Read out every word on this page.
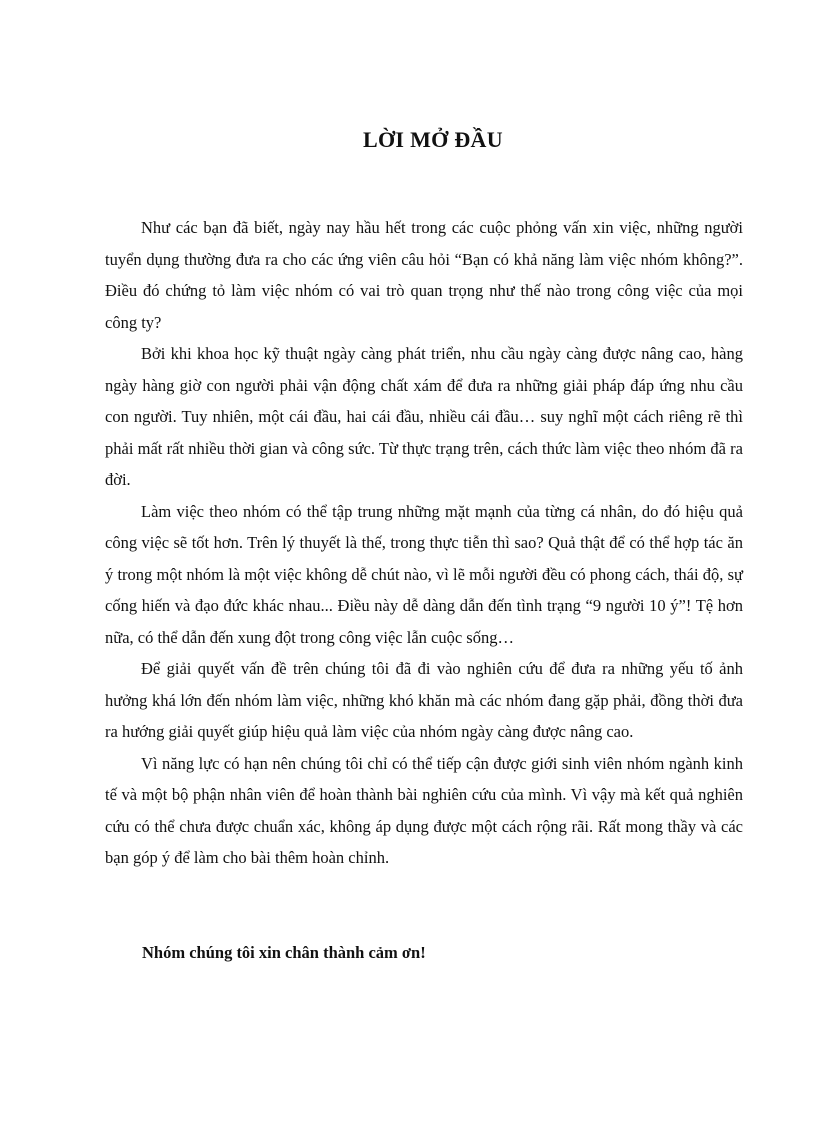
LỜI MỞ ĐẦU

Như các bạn đã biết, ngày nay hầu hết trong các cuộc phỏng vấn xin việc, những người tuyển dụng thường đưa ra cho các ứng viên câu hỏi “Bạn có khả năng làm việc nhóm không?”. Điều đó chứng tỏ làm việc nhóm có vai trò quan trọng như thế nào trong công việc của mọi công ty?

Bởi khi khoa học kỹ thuật ngày càng phát triển, nhu cầu ngày càng được nâng cao, hàng ngày hàng giờ con người phải vận động chất xám để đưa ra những giải pháp đáp ứng nhu cầu con người. Tuy nhiên, một cái đầu, hai cái đầu, nhiều cái đầu… suy nghĩ một cách riêng rẽ thì phải mất rất nhiều thời gian và công sức. Từ thực trạng trên, cách thức làm việc theo nhóm đã ra đời.

Làm việc theo nhóm có thể tập trung những mặt mạnh của từng cá nhân, do đó hiệu quả công việc sẽ tốt hơn. Trên lý thuyết là thế, trong thực tiễn thì sao? Quả thật để có thể hợp tác ăn ý trong một nhóm là một việc không dễ chút nào, vì lẽ mỗi người đều có phong cách, thái độ, sự cống hiến và đạo đức khác nhau... Điều này dễ dàng dẫn đến tình trạng “9 người 10 ý”! Tệ hơn nữa, có thể dẫn đến xung đột trong công việc lẫn cuộc sống…

Để giải quyết vấn đề trên chúng tôi đã đi vào nghiên cứu để đưa ra những yếu tố ảnh hưởng khá lớn đến nhóm làm việc, những khó khăn mà các nhóm đang gặp phải, đồng thời đưa ra hướng giải quyết giúp hiệu quả làm việc của nhóm ngày càng được nâng cao.

Vì năng lực có hạn nên chúng tôi chỉ có thể tiếp cận được giới sinh viên nhóm ngành kinh tế và một bộ phận nhân viên để hoàn thành bài nghiên cứu của mình. Vì vậy mà kết quả nghiên cứu có thể chưa được chuẩn xác, không áp dụng được một cách rộng rãi. Rất mong thầy và các bạn góp ý để làm cho bài thêm hoàn chỉnh.

Nhóm chúng tôi xin chân thành cảm ơn!
